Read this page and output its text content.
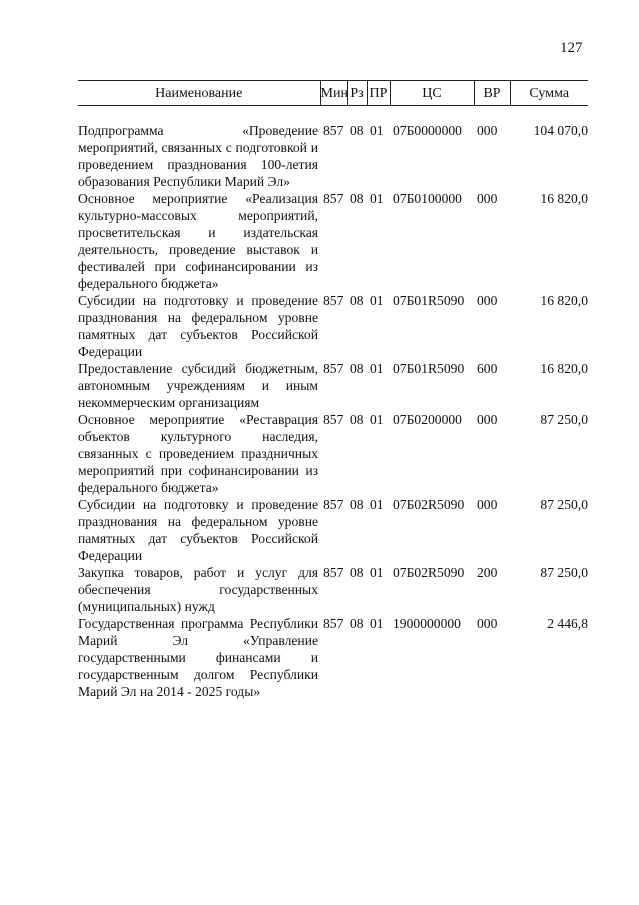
127
Наименование	Мин	Рз	ПР	ЦС	ВР	Сумма

Подпрограмма «Проведение мероприятий, связанных с подготовкой и проведением празднования 100-летия образования Республики Марий Эл»	857	08	01	07Б0000000	000	104 070,0
Основное мероприятие «Реализация культурно-массовых мероприятий, просветительская и издательская деятельность, проведение выставок и фестивалей при софинансировании из федерального бюджета»	857	08	01	07Б0100000	000	16 820,0
Субсидии на подготовку и проведение празднования на федеральном уровне памятных дат субъектов Российской Федерации	857	08	01	07Б01R5090	000	16 820,0
Предоставление субсидий бюджетным, автономным учреждениям и иным некоммерческим организациям	857	08	01	07Б01R5090	600	16 820,0
Основное мероприятие «Реставрация объектов культурного наследия, связанных с проведением праздничных мероприятий при софинансировании из федерального бюджета»	857	08	01	07Б0200000	000	87 250,0
Субсидии на подготовку и проведение празднования на федеральном уровне памятных дат субъектов Российской Федерации	857	08	01	07Б02R5090	000	87 250,0
Закупка товаров, работ и услуг для обеспечения государственных (муниципальных) нужд	857	08	01	07Б02R5090	200	87 250,0
Государственная программа Республики Марий Эл «Управление государственными финансами и государственным долгом Республики Марий Эл на 2014 - 2025 годы»	857	08	01	1900000000	000	2 446,8
